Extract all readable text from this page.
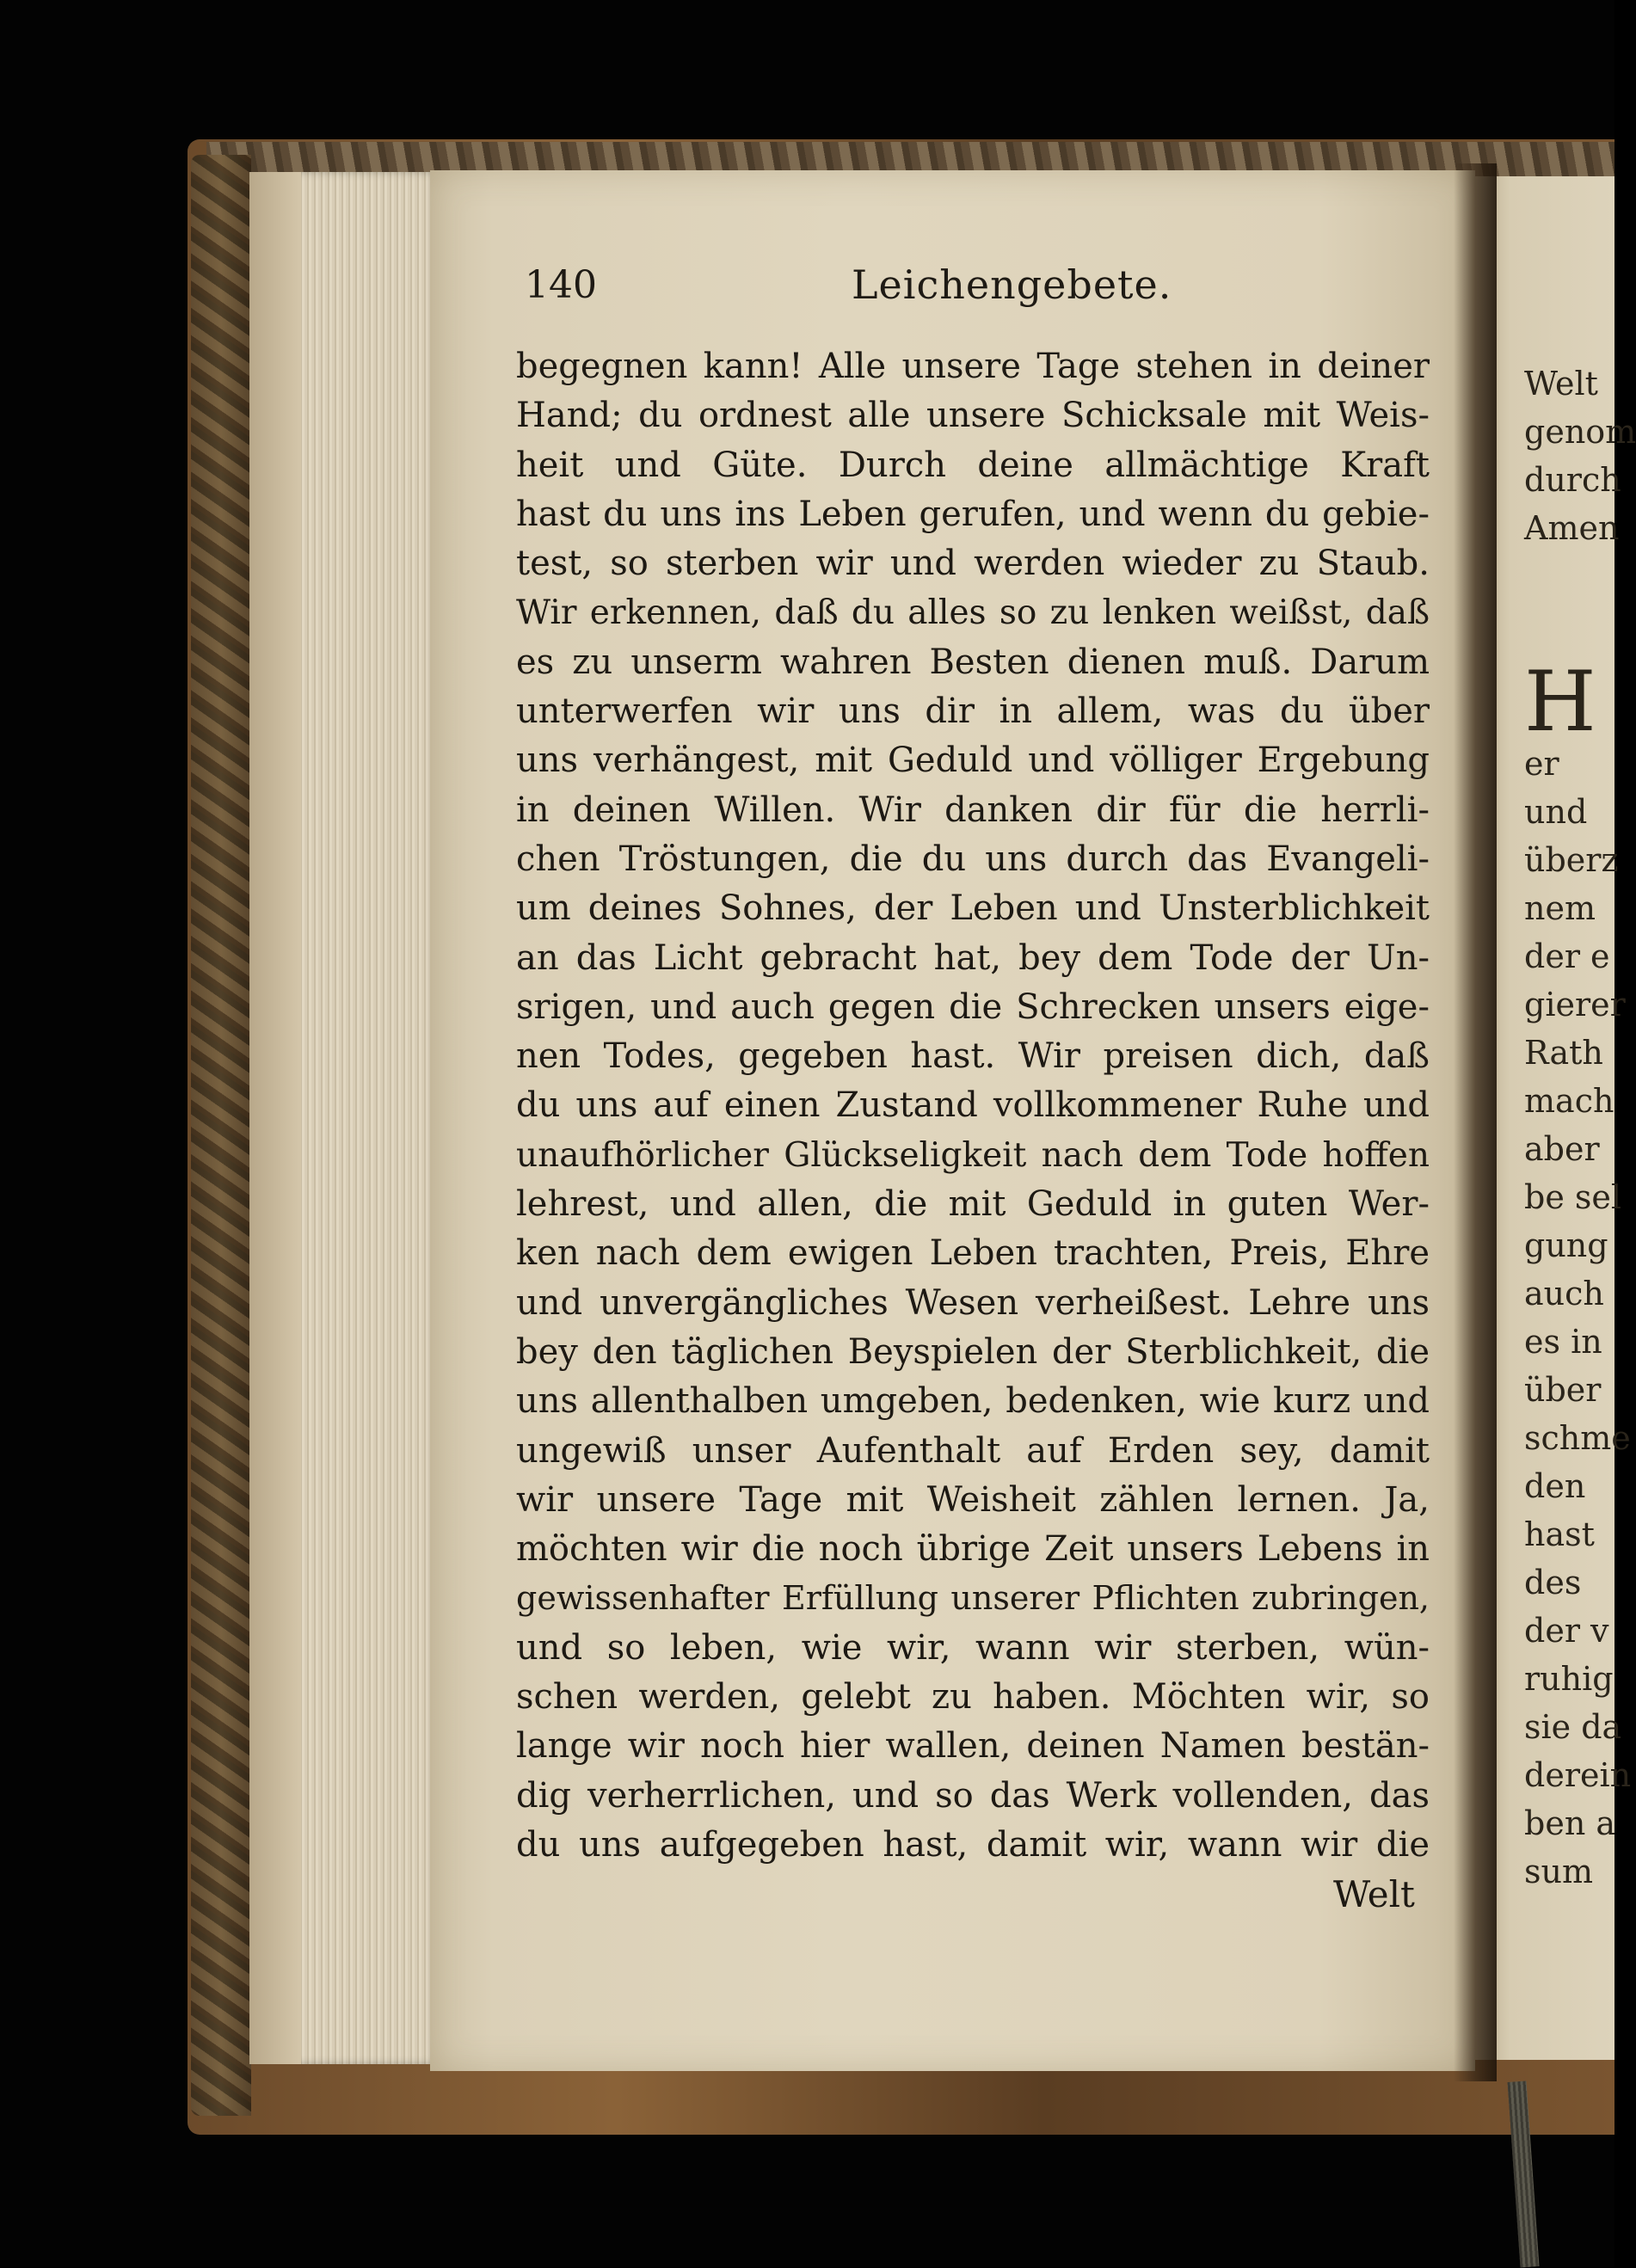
140	Leichengebete.
begegnen kann! Alle unsere Tage stehen in deiner
Hand; du ordnest alle unsere Schicksale mit Weis-
heit und Güte. Durch deine allmächtige Kraft
hast du uns ins Leben gerufen, und wenn du gebie-
test, so sterben wir und werden wieder zu Staub.
Wir erkennen, daß du alles so zu lenken weißst, daß
es zu unserm wahren Besten dienen muß. Darum
unterwerfen wir uns dir in allem, was du über
uns verhängest, mit Geduld und völliger Ergebung
in deinen Willen. Wir danken dir für die herrli-
chen Tröstungen, die du uns durch das Evangeli-
um deines Sohnes, der Leben und Unsterblichkeit
an das Licht gebracht hat, bey dem Tode der Un-
srigen, und auch gegen die Schrecken unsers eige-
nen Todes, gegeben hast. Wir preisen dich, daß
du uns auf einen Zustand vollkommener Ruhe und
unaufhörlicher Glückseligkeit nach dem Tode hoffen
lehrest, und allen, die mit Geduld in guten Wer-
ken nach dem ewigen Leben trachten, Preis, Ehre
und unvergängliches Wesen verheißest. Lehre uns
bey den täglichen Beyspielen der Sterblichkeit, die
uns allenthalben umgeben, bedenken, wie kurz und
ungewiß unser Aufenthalt auf Erden sey, damit
wir unsere Tage mit Weisheit zählen lernen. Ja,
möchten wir die noch übrige Zeit unsers Lebens in
gewissenhafter Erfüllung unserer Pflichten zubringen,
und so leben, wie wir, wann wir sterben, wün-
schen werden, gelebt zu haben. Möchten wir, so
lange wir noch hier wallen, deinen Namen bestän-
dig verherrlichen, und so das Werk vollenden, das
du uns aufgegeben hast, damit wir, wann wir die
Welt
Welt
genom
durch
Amen
H
er
und
überz
nem
der e
gierer
Rath
mach
aber
be sel
gung
auch
es in
über
schme
den
hast
des
der v
ruhig
sie da
derein
ben a
sum
